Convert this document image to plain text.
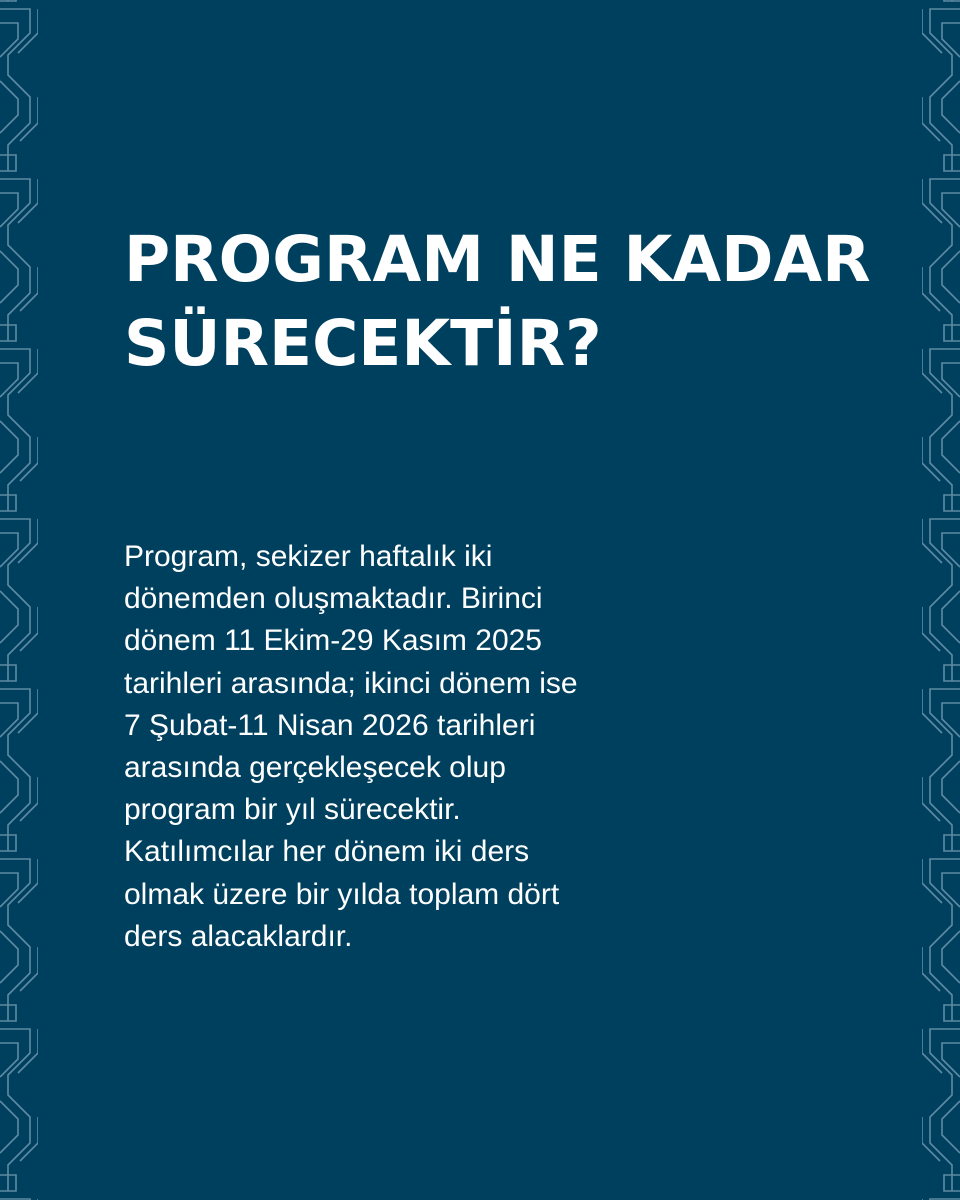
PROGRAM NE KADAR
SÜRECEKTİR?

Program, sekizer haftalık iki
dönemden oluşmaktadır. Birinci
dönem 11 Ekim-29 Kasım 2025
tarihleri arasında; ikinci dönem ise
7 Şubat-11 Nisan 2026 tarihleri
arasında gerçekleşecek olup
program bir yıl sürecektir.
Katılımcılar her dönem iki ders
olmak üzere bir yılda toplam dört
ders alacaklardır.
